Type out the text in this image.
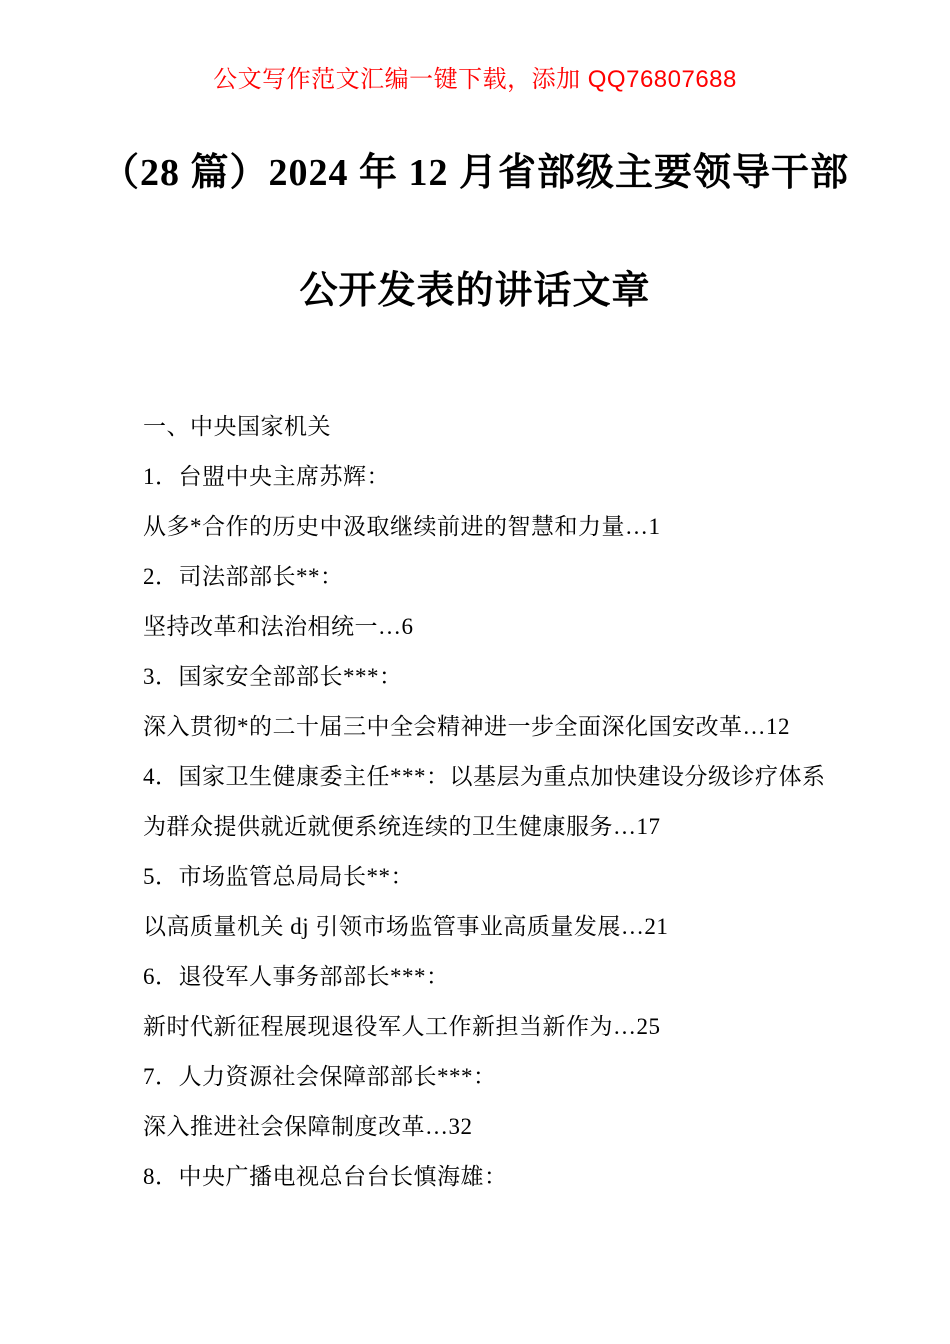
公文写作范文汇编一键下载，添加 QQ76807688
（28 篇）2024 年 12 月省部级主要领导干部
公开发表的讲话文章
一、中央国家机关
1．台盟中央主席苏辉：
从多*合作的历史中汲取继续前进的智慧和力量…1
2．司法部部长**：
坚持改革和法治相统一…6
3．国家安全部部长***：
深入贯彻*的二十届三中全会精神进一步全面深化国安改革…12
4．国家卫生健康委主任***：以基层为重点加快建设分级诊疗体系
为群众提供就近就便系统连续的卫生健康服务…17
5．市场监管总局局长**：
以高质量机关 dj 引领市场监管事业高质量发展…21
6．退役军人事务部部长***：
新时代新征程展现退役军人工作新担当新作为…25
7．人力资源社会保障部部长***：
深入推进社会保障制度改革…32
8．中央广播电视总台台长慎海雄：
